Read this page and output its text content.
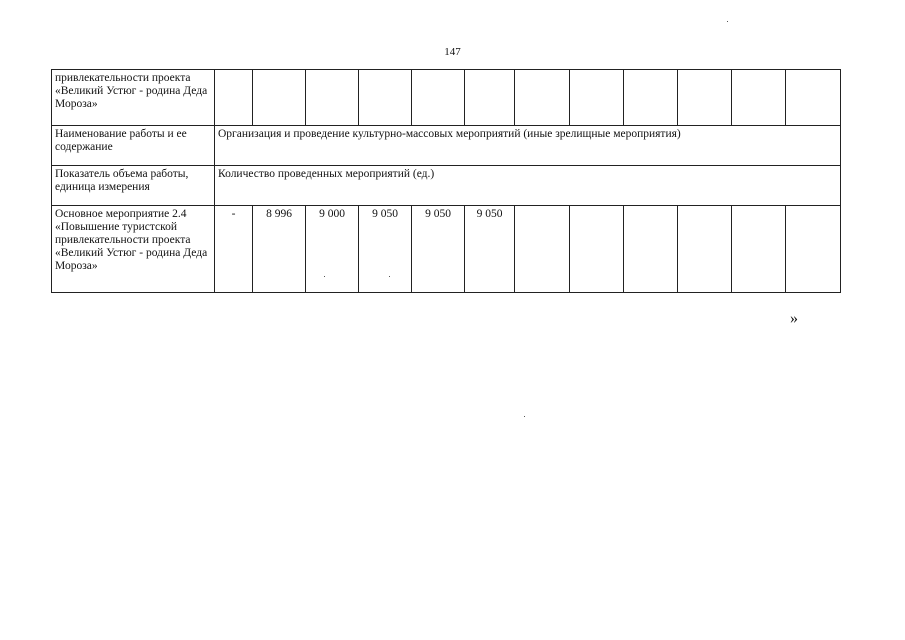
147
привлекательности проекта «Великий Устюг - родина Деда Мороза»												
Наименование работы и ее содержание	Организация и проведение культурно-массовых мероприятий (иные зрелищные мероприятия)											
Показатель объема работы, единица измерения	Количество проведенных мероприятий (ед.)											
Основное мероприятие 2.4 «Повышение туристской привлекательности проекта «Великий Устюг - родина Деда Мороза»	-	8 996	9 000	9 050	9 050	9 050						
»
